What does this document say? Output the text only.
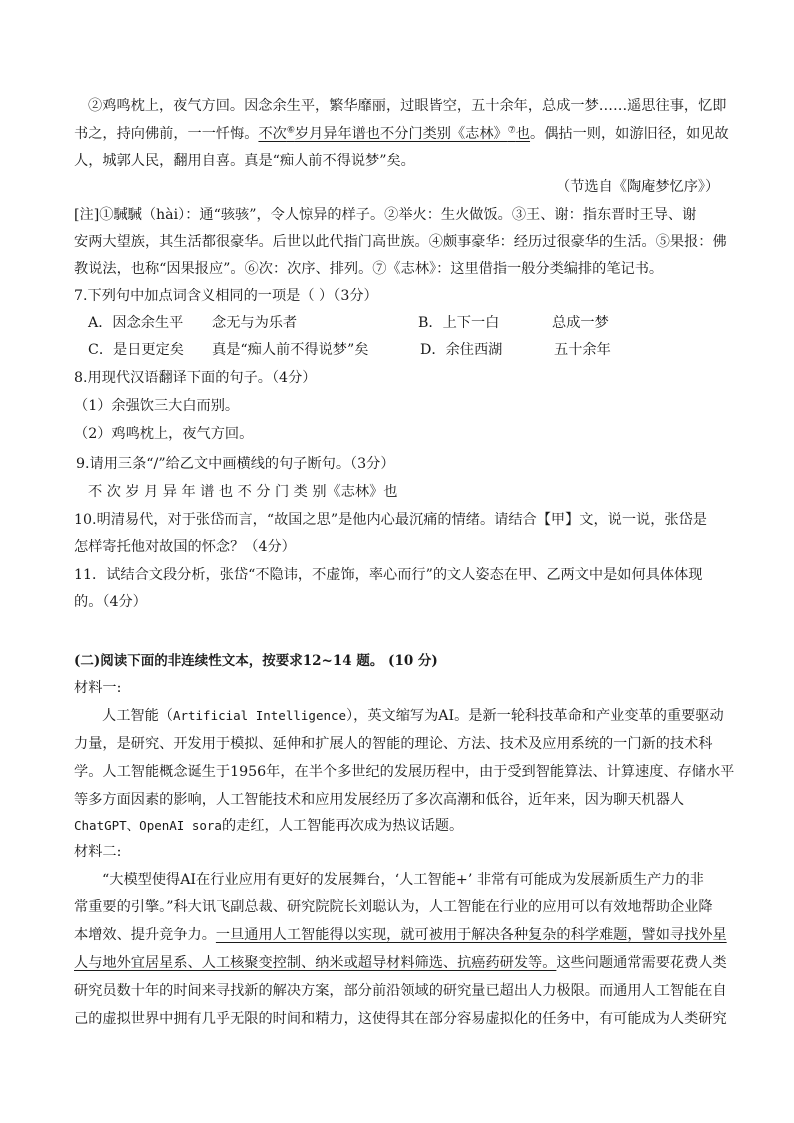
②鸡鸣枕上，夜气方回。因念余生平，繁华靡丽，过眼皆空，五十余年，总成一梦……遥思往事，忆即
书之，持向佛前，一一忏悔。不次⑥岁月异年谱也不分门类别《志林》⑦也。偶拈一则，如游旧径，如见故
人，城郭人民，翻用自喜。真是“痴人前不得说梦”矣。
（节选自《陶庵梦忆序》）
[注]①駴駴（hài）：通“骇骇”，令人惊异的样子。②举火：生火做饭。③王、谢：指东晋时王导、谢
安两大望族，其生活都很豪华。后世以此代指门高世族。④颇事豪华：经历过很豪华的生活。⑤果报：佛
教说法，也称“因果报应”。⑥次：次序、排列。⑦《志林》：这里借指一般分类编排的笔记书。
7.下列句中加点词含义相同的一项是（ ）（3分）
A．因念余生平 念无与为乐者	B．上下一白	总成一梦
C．是日更定矣 真是“痴人前不得说梦”矣	D．余住西湖	五十余年
8.用现代汉语翻译下面的句子。（4分）
（1）余强饮三大白而别。
（2）鸡鸣枕上，夜气方回。
9.请用三条“/”给乙文中画横线的句子断句。（3分）
不 次 岁 月 异 年 谱 也 不 分 门 类 别《志林》也
10.明清易代，对于张岱而言，“故国之思”是他内心最沉痛的情绪。请结合【甲】文，说一说，张岱是
怎样寄托他对故国的怀念？（4分）
11．试结合文段分析，张岱“不隐讳，不虚饰，率心而行”的文人姿态在甲、乙两文中是如何具体体现
的。（4分）
(二)阅读下面的非连续性文本，按要求12~14 题。 (10 分)
材料一:
人工智能（Artificial Intelligence），英文缩写为AI。是新一轮科技革命和产业变革的重要驱动
力量，是研究、开发用于模拟、延伸和扩展人的智能的理论、方法、技术及应用系统的一门新的技术科
学。人工智能概念诞生于1956年，在半个多世纪的发展历程中，由于受到智能算法、计算速度、存储水平
等多方面因素的影响，人工智能技术和应用发展经历了多次高潮和低谷，近年来，因为聊天机器人
ChatGPT、OpenAI sora的走红，人工智能再次成为热议话题。
材料二:
“大模型使得AI在行业应用有更好的发展舞台，‘人工智能+’ 非常有可能成为发展新质生产力的非
常重要的引擎。”科大讯飞副总裁、研究院院长刘聪认为，人工智能在行业的应用可以有效地帮助企业降
本增效、提升竞争力。一旦通用人工智能得以实现，就可被用于解决各种复杂的科学难题，譬如寻找外星
人与地外宜居星系、人工核聚变控制、纳米或超导材料筛选、抗癌药研发等。这些问题通常需要花费人类
研究员数十年的时间来寻找新的解决方案，部分前沿领域的研究量已超出人力极限。而通用人工智能在自
己的虚拟世界中拥有几乎无限的时间和精力，这使得其在部分容易虚拟化的任务中，有可能成为人类研究
